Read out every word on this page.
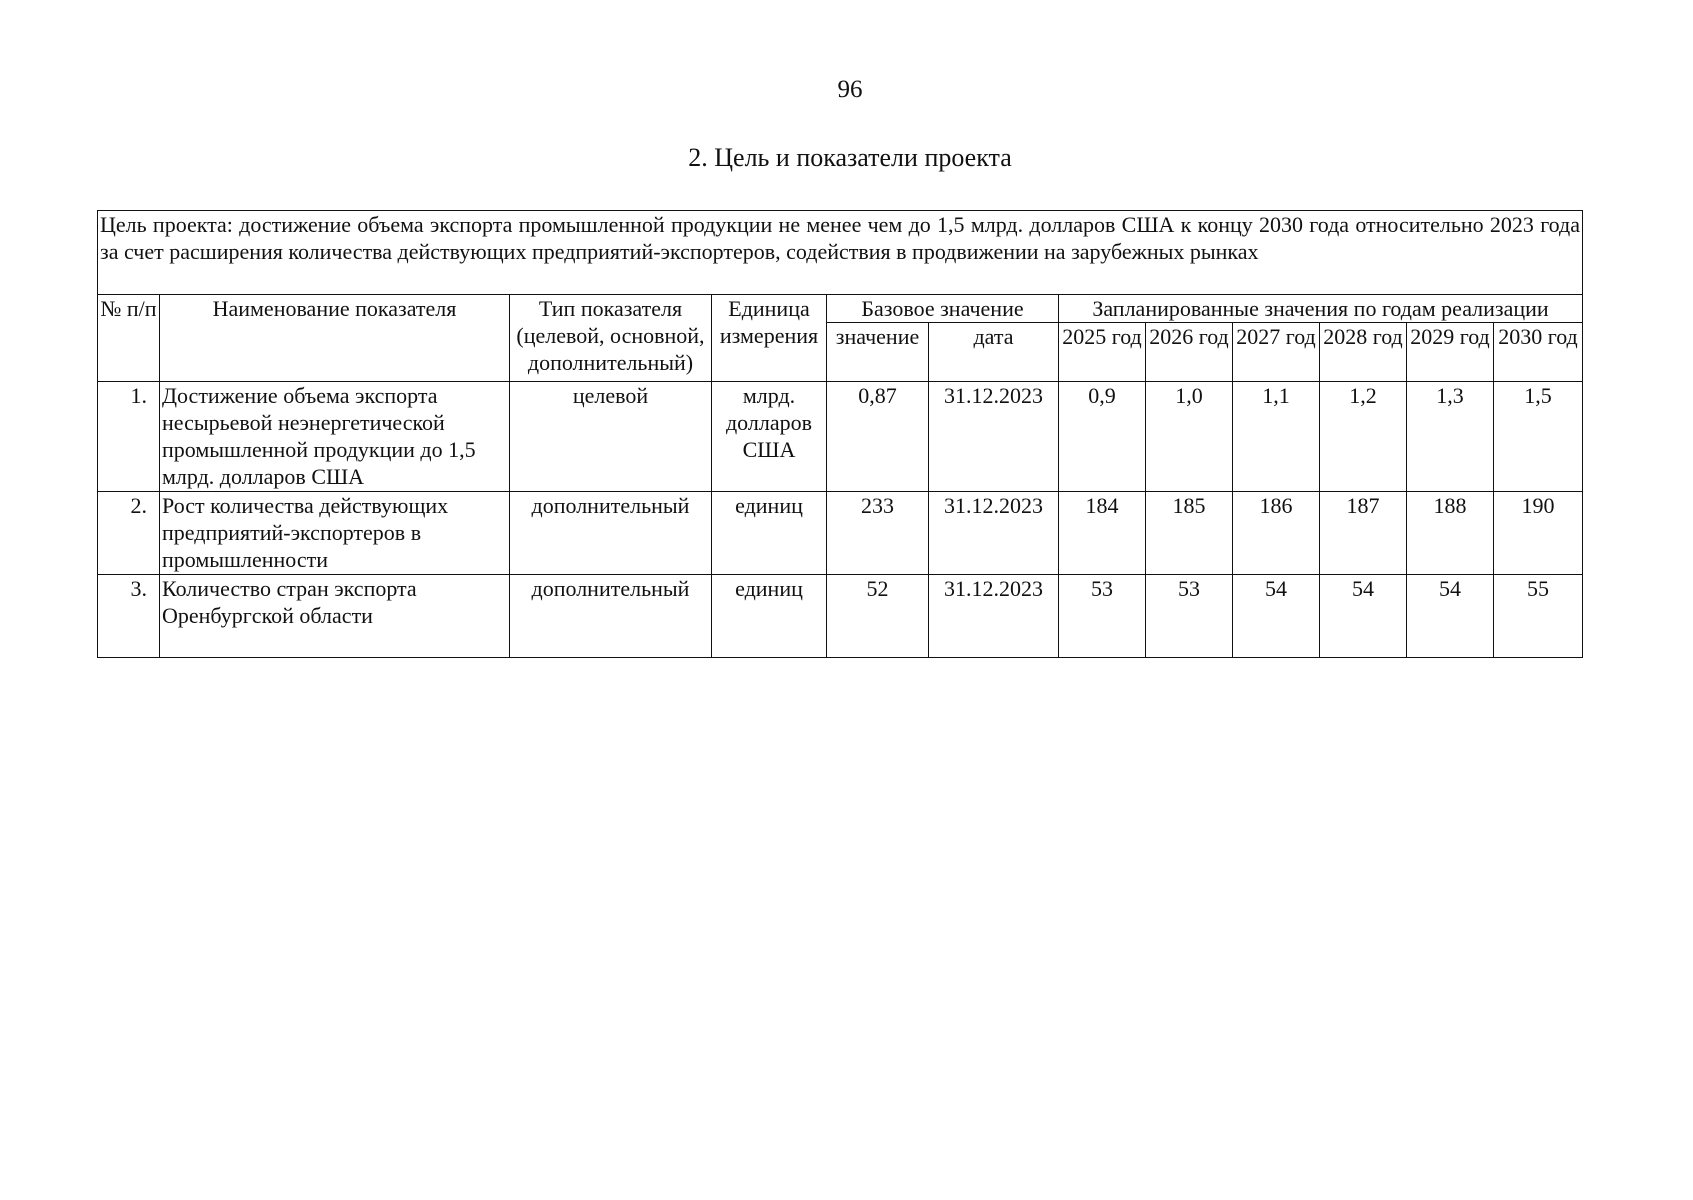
96
2. Цель и показатели проекта
Цель проекта: достижение объема экспорта промышленной продукции не менее чем до 1,5 млрд. долларов США к концу 2030 года относительно 2023 года за счет расширения количества действующих предприятий-экспортеров, содействия в продвижении на зарубежных рынках											
№ п/п	Наименование показателя	Тип показателя (целевой, основной, дополнительный)	Единица измерения	Базовое значение		Запланированные значения по годам реализации					
						2025 год	2026 год	2027 год	2028 год	2029 год	2030 год
				значение	дата						
1.	Достижение объема экспорта несырьевой неэнергетической промышленной продукции до 1,5 млрд. долларов США	целевой	млрд. долларов США	0,87	31.12.2023	0,9	1,0	1,1	1,2	1,3	1,5
2.	Рост количества действующих предприятий-экспортеров в промышленности	дополнительный	единиц	233	31.12.2023	184	185	186	187	188	190
3.	Количество стран экспорта Оренбургской области	дополнительный	единиц	52	31.12.2023	53	53	54	54	54	55
